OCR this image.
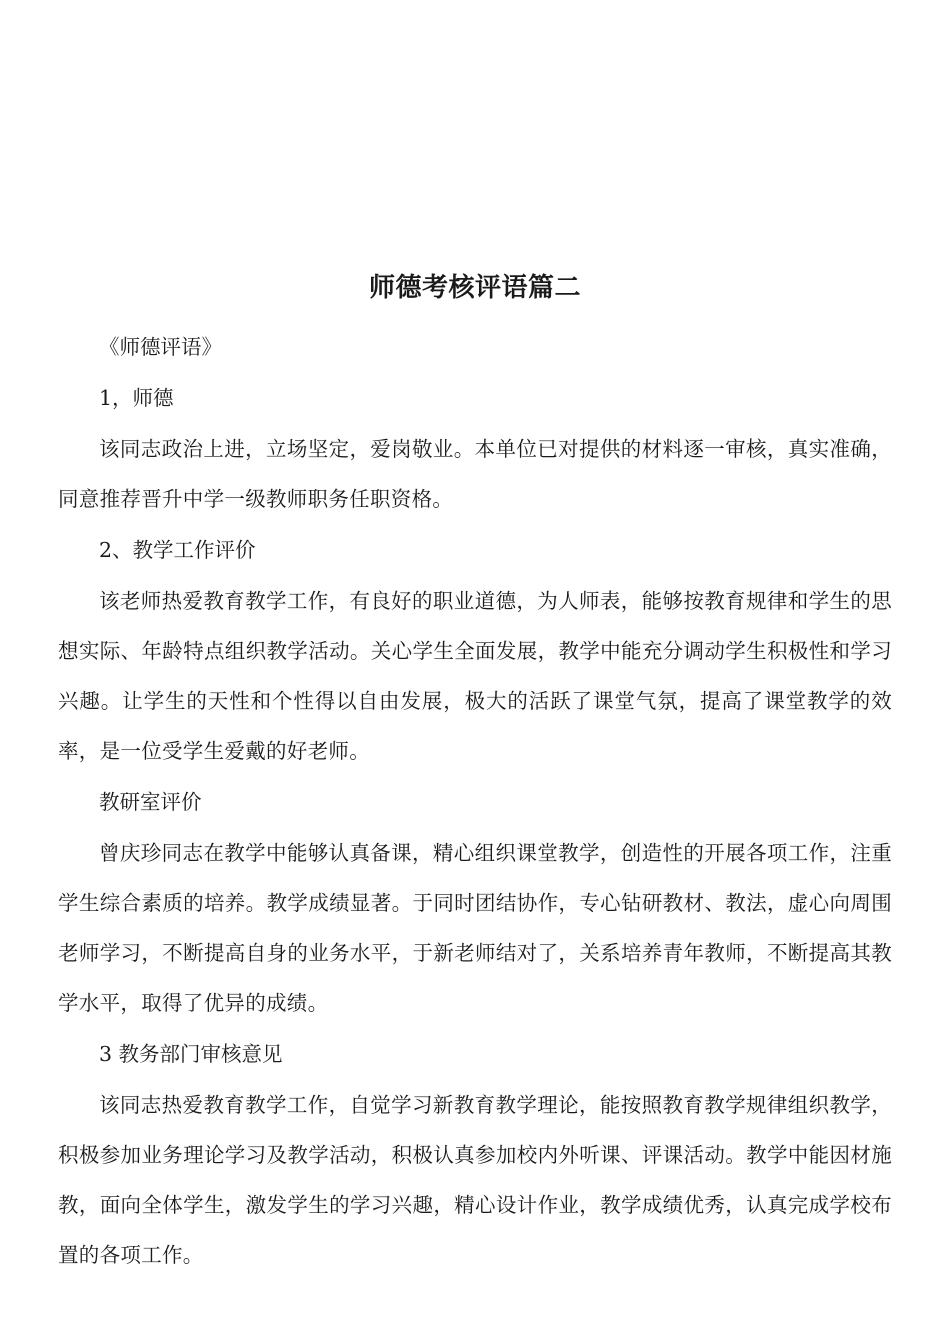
师德考核评语篇二

《师德评语》

1，师德

该同志政治上进，立场坚定，爱岗敬业。本单位已对提供的材料逐一审核，真实准确，同意推荐晋升中学一级教师职务任职资格。

2、教学工作评价

该老师热爱教育教学工作，有良好的职业道德，为人师表，能够按教育规律和学生的思想实际、年龄特点组织教学活动。关心学生全面发展，教学中能充分调动学生积极性和学习兴趣。让学生的天性和个性得以自由发展，极大的活跃了课堂气氛，提高了课堂教学的效率，是一位受学生爱戴的好老师。

教研室评价

曾庆珍同志在教学中能够认真备课，精心组织课堂教学，创造性的开展各项工作，注重学生综合素质的培养。教学成绩显著。于同时团结协作，专心钻研教材、教法，虚心向周围老师学习，不断提高自身的业务水平，于新老师结对了，关系培养青年教师，不断提高其教学水平，取得了优异的成绩。

3 教务部门审核意见

该同志热爱教育教学工作，自觉学习新教育教学理论，能按照教育教学规律组织教学，积极参加业务理论学习及教学活动，积极认真参加校内外听课、评课活动。教学中能因材施教，面向全体学生，激发学生的学习兴趣，精心设计作业，教学成绩优秀，认真完成学校布置的各项工作。
